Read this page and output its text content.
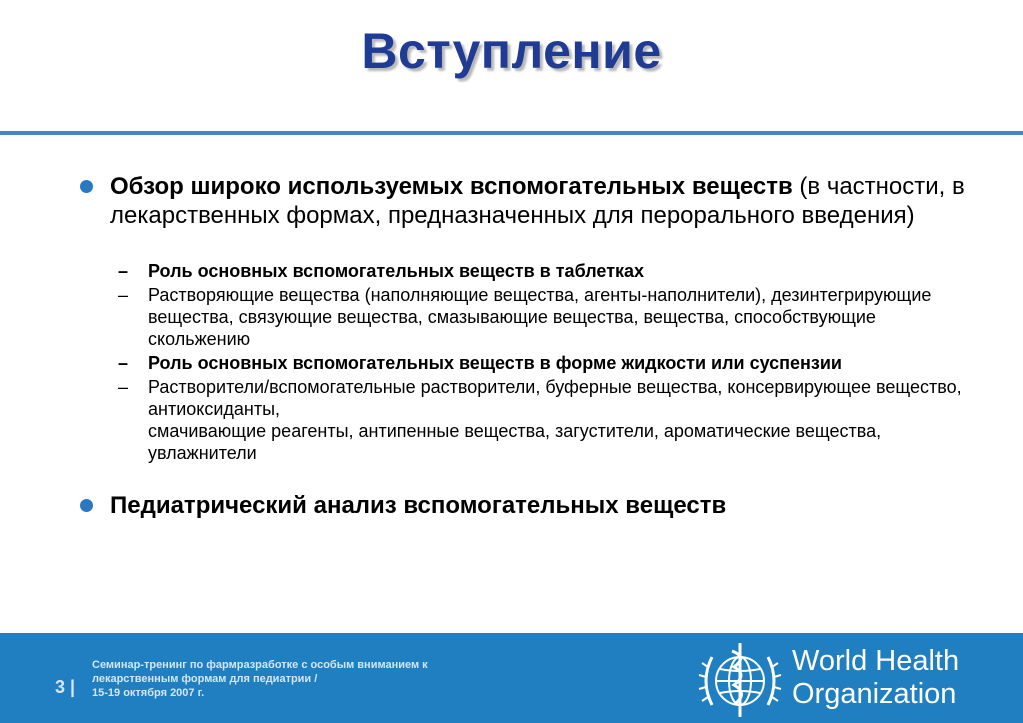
Вступление
Обзор широко используемых вспомогательных веществ (в частности, в лекарственных формах, предназначенных для перорального введения)
– Роль основных вспомогательных веществ в таблетках
– Растворяющие вещества (наполняющие вещества, агенты-наполнители), дезинтегрирующие вещества, связующие вещества, смазывающие вещества, вещества, способствующие скольжению
– Роль основных вспомогательных веществ в форме жидкости или суспензии
– Растворители/вспомогательные растворители, буферные вещества, консервирующее вещество, антиоксиданты,
смачивающие реагенты, антипенные вещества, загустители, ароматические вещества, увлажнители
Педиатрический анализ вспомогательных веществ
3 |
Семинар-тренинг по фармразработке с особым вниманием к
лекарственным формам для педиатрии /
15-19 октября 2007 г.
World Health
Organization
